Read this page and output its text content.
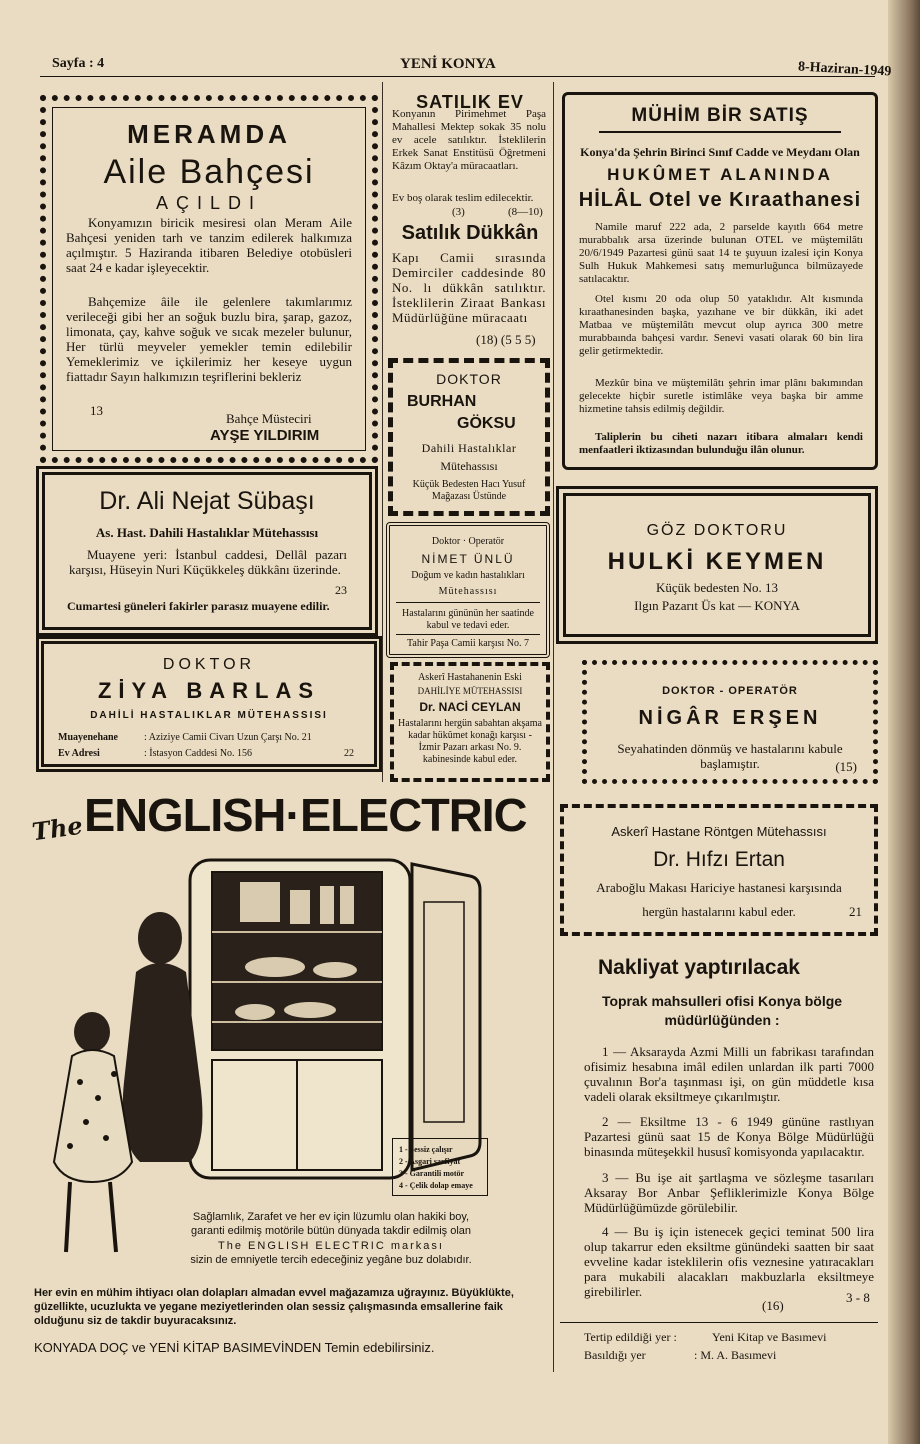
Sayfa : 4	YENİ KONYA	8-Haziran-1949

MERAMDA

Aile Bahçesi

AÇILDI

Konyamızın biricik mesiresi olan Meram Aile Bahçesi yeniden tarh ve tanzim edilerek halkımıza açılmıştır. 5 Haziranda itibaren Belediye otobüsleri saat 24 e kadar işleyecektir.

Bahçemize âile ile gelenlere takımlarımız verileceği gibi her an soğuk buzlu bira, şarap, gazoz, limonata, çay, kahve soğuk ve sıcak mezeler bulunur, Her türlü meyveler yemekler temin edilebilir Yemeklerimiz ve içkilerimiz her keseye uygun fiattadır Sayın halkımızın teşriflerini bekleriz

13

Bahçe Müsteciri

AYŞE YILDIRIM

SATILIK EV

Konyanın Pirimehmet Paşa Mahallesi Mektep sokak 35 nolu ev acele satılıktır. İsteklilerin Erkek Sanat Enstitüsü Öğretmeni Kâzım Oktay'a müracaatları.

Ev boş olarak teslim edilecektir.

(3)	(8—10)

Satılık Dükkân

Kapı Camii sırasında Demirciler caddesinde 80 No. lı dükkân satılıktır. İsteklilerin Ziraat Bankası Müdürlüğüne müracaatı

(18) (5 5 5)

MÜHİM BİR SATIŞ

Konya'da Şehrin Birinci Sınıf Cadde ve Meydanı Olan

HUKÛMET ALANINDA

HİLÂL Otel ve Kıraathanesi

Namile maruf 222 ada, 2 parselde kayıtlı 664 metre murabbalık arsa üzerinde bulunan OTEL ve müştemilâtı 20/6/1949 Pazartesi günü saat 14 te şuyuun izalesi için Konya Sulh Hukuk Mahkemesi satış memurluğunca bilmüzayede satılacaktır.

Otel kısmı 20 oda olup 50 yataklıdır. Alt kısmında kıraathanesinden başka, yazıhane ve bir dükkân, iki adet Matbaa ve müştemilâtı mevcut olup ayrıca 300 metre murabbaında bahçesi vardır. Senevi vasati olarak 60 bin lira gelir getirmektedir.

Mezkûr bina ve müştemilâtı şehrin imar plânı bakımından gelecekte hiçbir suretle istimlâke veya başka bir amme hizmetine tahsis edilmiş değildir.

Taliplerin bu ciheti nazarı itibara almaları kendi menfaatleri iktizasından bulunduğu ilân olunur.

DOKTOR

BURHAN

GÖKSU

Dahili Hastalıklar

Mütehassısı

Küçük Bedesten Hacı Yusuf

Mağazası Üstünde

GÖZ DOKTORU

HULKİ KEYMEN

Küçük bedesten No. 13

Ilgın Pazarıt Üs kat — KONYA

Dr. Ali Nejat Sübaşı

As. Hast. Dahili Hastalıklar Mütehassısı

Muayene yeri: İstanbul caddesi, Dellâl pazarı karşısı, Hüseyin Nuri Küçükkeleş dükkânı üzerinde.

23

Cumartesi güneleri fakirler parasız muayene edilir.

Doktor · Operatör

NİMET ÜNLÜ

Doğum ve kadın hastalıkları

Mütehassısı

Hastalarını gününün her saatinde kabul ve tedavi eder.

Tahir Paşa Camii karşısı No. 7

DOKTOR

ZİYA BARLAS

DAHİLİ HASTALIKLAR MÜTEHASSISI

Muayenehane	: Aziziye Camii Civarı Uzun Çarşı No. 21

Ev Adresi	: İstasyon Caddesi No. 156	22

Askerî Hastahanenin Eski

DAHİLİYE MÜTEHASSISI

Dr. NACİ CEYLAN

Hastalarını hergün sabahtan akşama kadar hükûmet konağı karşısı - İzmir Pazarı arkası No. 9. kabinesinde kabul eder.

DOKTOR - OPERATÖR

NİGÂR ERŞEN

Seyahatinden dönmüş ve hastalarını kabule başlamıştır.	(15)

The ENGLISH·ELECTRIC

1 - Sessiz çalışır

2 - Asgari sarfiyat

3 - Garantili motör

4 - Çelik dolap emaye

Sağlamlık, Zarafet ve her ev için lüzumlu olan hakiki boy, garanti edilmiş motörile bütün dünyada takdir edilmiş olan

The ENGLISH ELECTRIC markası

sizin de emniyetle tercih edeceğiniz yegâne buz dolabıdır.

Her evin en mühim ihtiyacı olan dolapları almadan evvel mağazamıza uğrayınız. Büyüklükte, güzellikte, ucuzlukta ve yegane meziyetlerinden olan sessiz çalışmasında emsallerine faik olduğunu siz de takdir buyuracaksınız.

KONYADA DOÇ ve YENİ KİTAP BASIMEVİNDEN Temin edebilirsiniz.

Askerî Hastane Röntgen Mütehassısı

Dr. Hıfzı Ertan

Araboğlu Makası Hariciye hastanesi karşısında

hergün hastalarını kabul eder.	21

Nakliyat yaptırılacak

Toprak mahsulleri ofisi Konya bölge müdürlüğünden :

1 — Aksarayda Azmi Milli un fabrikası tarafından ofisimiz hesabına imâl edilen unlardan ilk parti 7000 çuvalının Bor'a taşınması işi, on gün müddetle kısa vadeli olarak eksiltmeye çıkarılmıştır.

2 — Eksiltme 13 - 6 1949 gününe rastlıyan Pazartesi günü saat 15 de Konya Bölge Müdürlüğü binasında müteşekkil hususî komisyonda yapılacaktır.

3 — Bu işe ait şartlaşma ve sözleşme tasarıları Aksaray Bor Anbar Şefliklerimizle Konya Bölge Müdürlüğümüzde görülebilir.

4 — Bu iş için istenecek geçici teminat 500 lira olup takarrur eden eksiltme günündeki saatten bir saat evveline kadar isteklilerin ofis veznesine yatıracakları para mukabili alacakları makbuzlarla eksiltmeye girebilirler.

(16)

3 - 8

Tertip edildiği yer :	Yeni Kitap ve Basımevi

Basıldığı yer	: M. A. Basımevi
